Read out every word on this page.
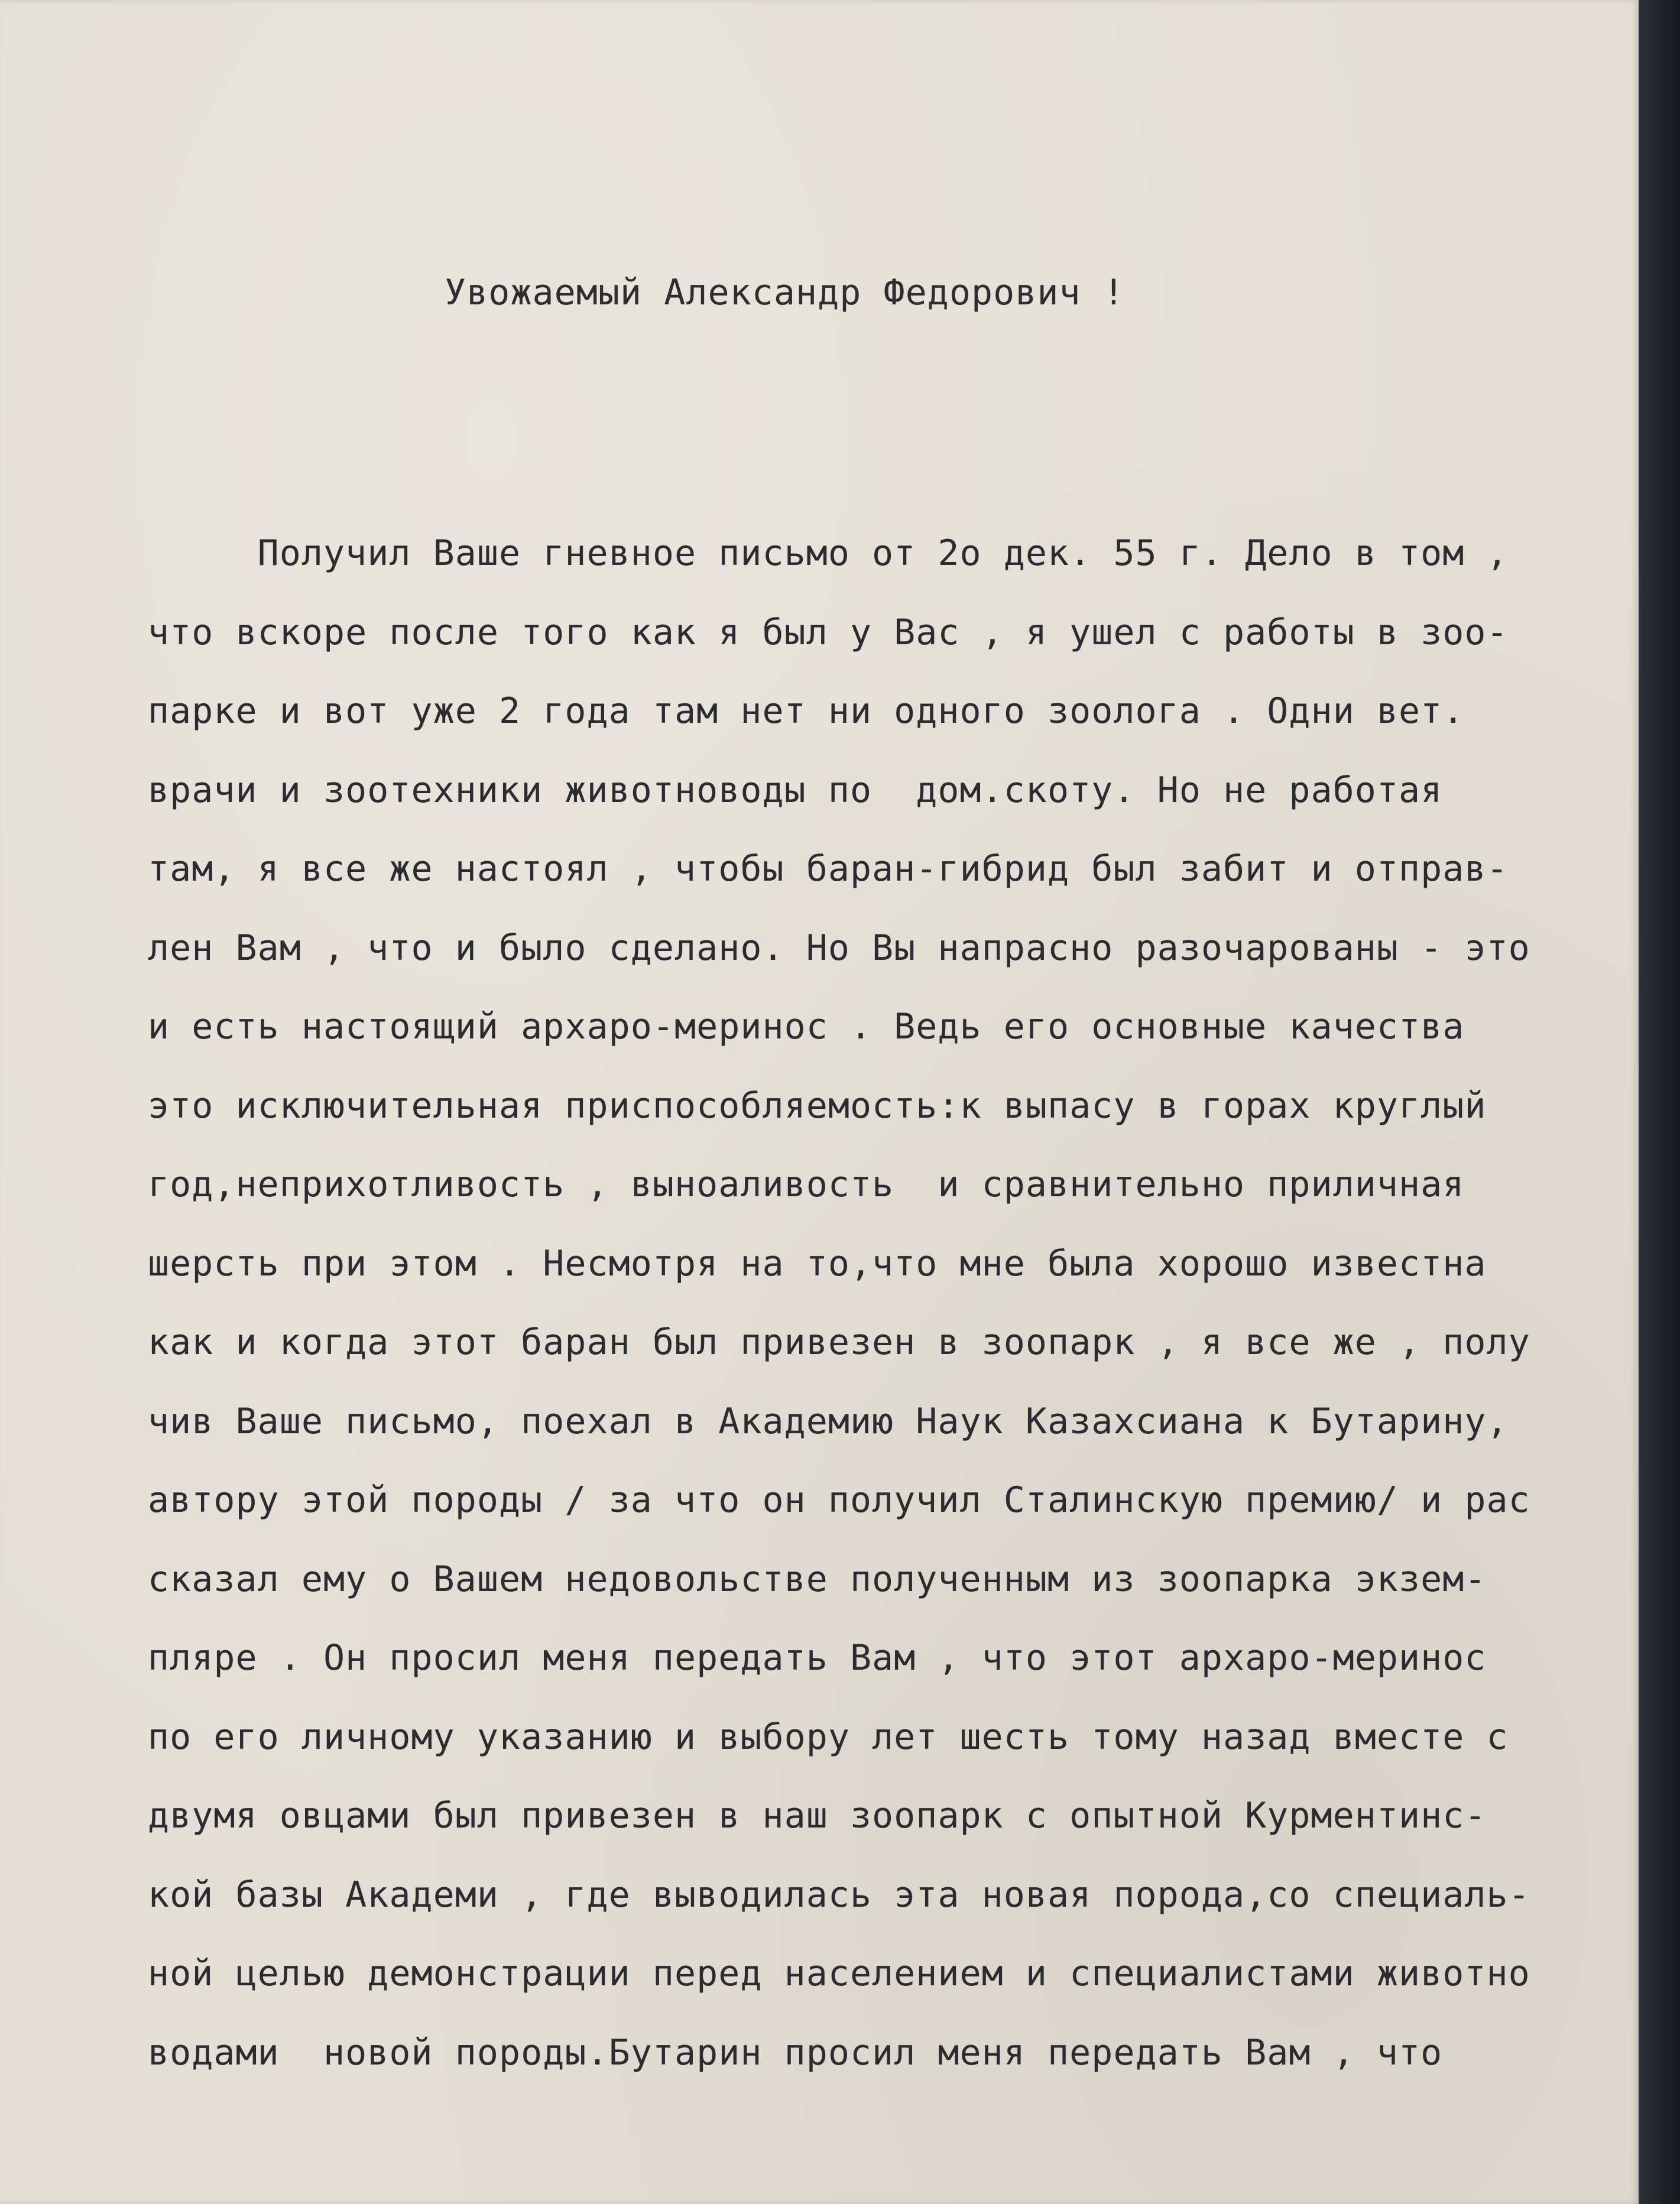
Увожаемый Александр Федорович !
Получил Ваше гневное письмо от 2о дек. 55 г. Дело в том ,
что вскоре после того как я был у Вас , я ушел с работы в зоо-
парке и вот уже 2 года там нет ни одного зоолога . Одни вет.
врачи и зоотехники животноводы по  дом.скоту. Но не работая
там, я все же настоял , чтобы баран-гибрид был забит и отправ-
лен Вам , что и было сделано. Но Вы напрасно разочарованы - это
и есть настоящий архаро-меринос . Ведь его основные качества
это исключительная приспособляемость:к выпасу в горах круглый
год,неприхотливость , выноаливость  и сравнительно приличная
шерсть при этом . Несмотря на то,что мне была хорошо известна
как и когда этот баран был привезен в зоопарк , я все же , полу
чив Ваше письмо, поехал в Академию Наук Казахсиана к Бутарину,
автору этой породы / за что он получил Сталинскую премию/ и рас
сказал ему о Вашем недовольстве полученным из зоопарка экзем-
пляре . Он просил меня передать Вам , что этот архаро-меринос
по его личному указанию и выбору лет шесть тому назад вместе с
двумя овцами был привезен в наш зоопарк с опытной Курментинс-
кой базы Академи , где выводилась эта новая порода,со специаль-
ной целью демонстрации перед населением и специалистами животно
водами  новой породы.Бутарин просил меня передать Вам , что
